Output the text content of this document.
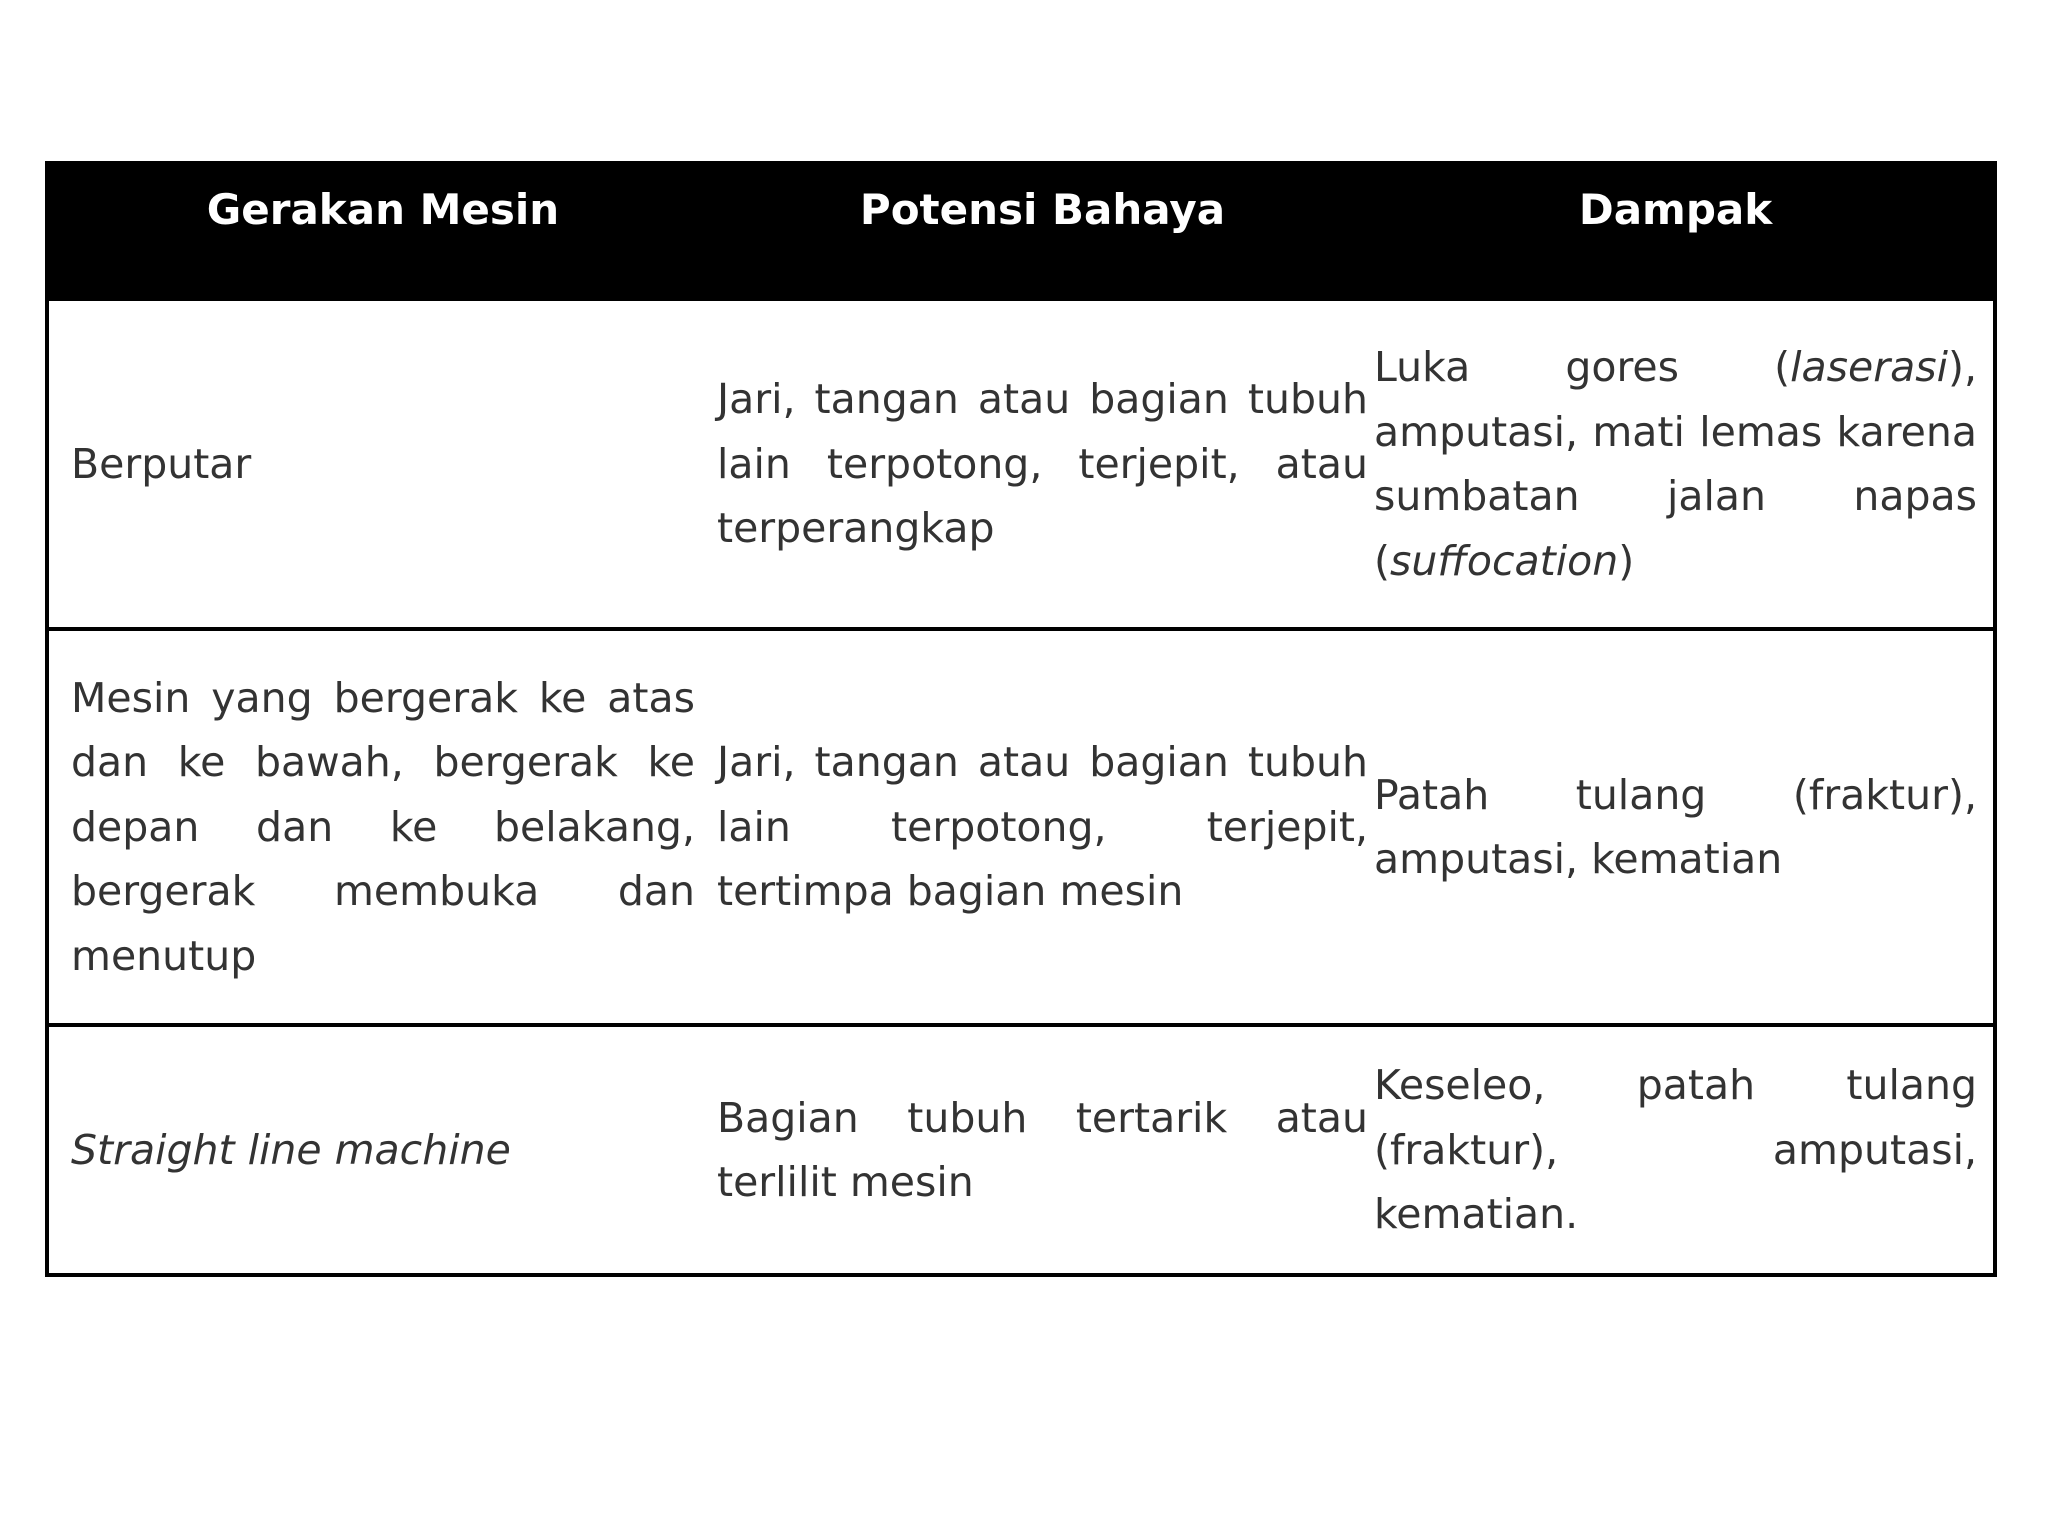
Gerakan Mesin	Potensi Bahaya	Dampak

Berputar

Jari, tangan atau bagian tubuh lain terpotong, terjepit, atau terperangkap

Luka gores (laserasi), amputasi, mati lemas karena sumbatan jalan napas (suffocation)

Mesin yang bergerak ke atas dan ke bawah, bergerak ke depan dan ke belakang, bergerak membuka dan menutup

Jari, tangan atau bagian tubuh lain terpotong, terjepit, tertimpa bagian mesin

Patah tulang (fraktur), amputasi, kematian

Straight line machine

Bagian tubuh tertarik atau terlilit mesin

Keseleo, patah tulang (fraktur), amputasi, kematian.
